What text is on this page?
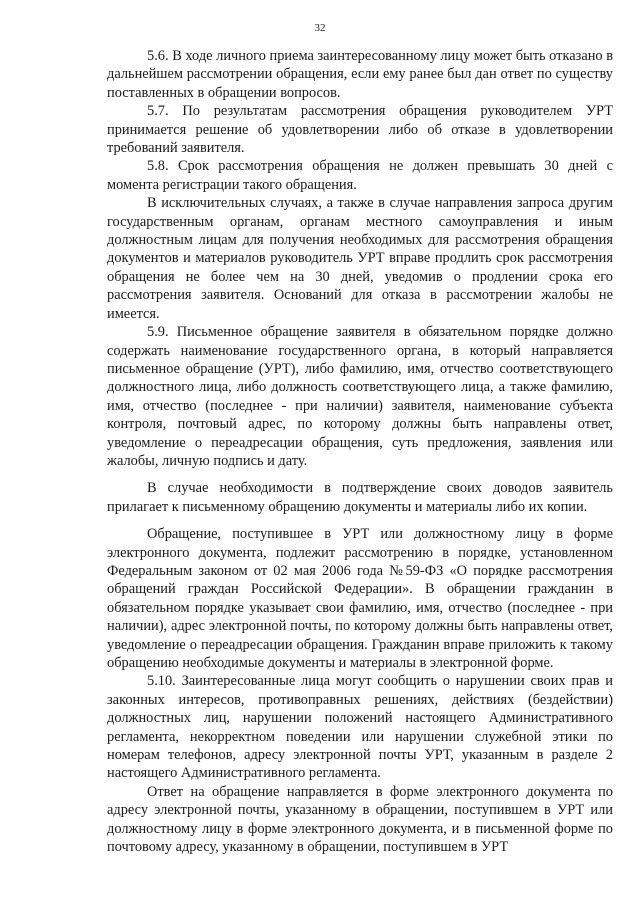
32

5.6. В ходе личного приема заинтересованному лицу может быть отказано в дальнейшем рассмотрении обращения, если ему ранее был дан ответ по существу поставленных в обращении вопросов.

5.7. По результатам рассмотрения обращения руководителем УРТ принимается решение об удовлетворении либо об отказе в удовлетворении требований заявителя.

5.8. Срок рассмотрения обращения не должен превышать 30 дней с момента регистрации такого обращения.

В исключительных случаях, а также в случае направления запроса другим государственным органам, органам местного самоуправления и иным должностным лицам для получения необходимых для рассмотрения обращения документов и материалов руководитель УРТ вправе продлить срок рассмотрения обращения не более чем на 30 дней, уведомив о продлении срока его рассмотрения заявителя. Оснований для отказа в рассмотрении жалобы не имеется.

5.9. Письменное обращение заявителя в обязательном порядке должно содержать наименование государственного органа, в который направляется письменное обращение (УРТ), либо фамилию, имя, отчество соответствующего должностного лица, либо должность соответствующего лица, а также фамилию, имя, отчество (последнее - при наличии) заявителя, наименование субъекта контроля, почтовый адрес, по которому должны быть направлены ответ, уведомление о переадресации обращения, суть предложения, заявления или жалобы, личную подпись и дату.

В случае необходимости в подтверждение своих доводов заявитель прилагает к письменному обращению документы и материалы либо их копии.

Обращение, поступившее в УРТ или должностному лицу в форме электронного документа, подлежит рассмотрению в порядке, установленном Федеральным законом от 02 мая 2006 года №59-ФЗ «О порядке рассмотрения обращений граждан Российской Федерации». В обращении гражданин в обязательном порядке указывает свои фамилию, имя, отчество (последнее - при наличии), адрес электронной почты, по которому должны быть направлены ответ, уведомление о переадресации обращения. Гражданин вправе приложить к такому обращению необходимые документы и материалы в электронной форме.

5.10. Заинтересованные лица могут сообщить о нарушении своих прав и законных интересов, противоправных решениях, действиях (бездействии) должностных лиц, нарушении положений настоящего Административного регламента, некорректном поведении или нарушении служебной этики по номерам телефонов, адресу электронной почты УРТ, указанным в разделе 2 настоящего Административного регламента.

Ответ на обращение направляется в форме электронного документа по адресу электронной почты, указанному в обращении, поступившем в УРТ или должностному лицу в форме электронного документа, и в письменной форме по почтовому адресу, указанному в обращении, поступившем в УРТ
